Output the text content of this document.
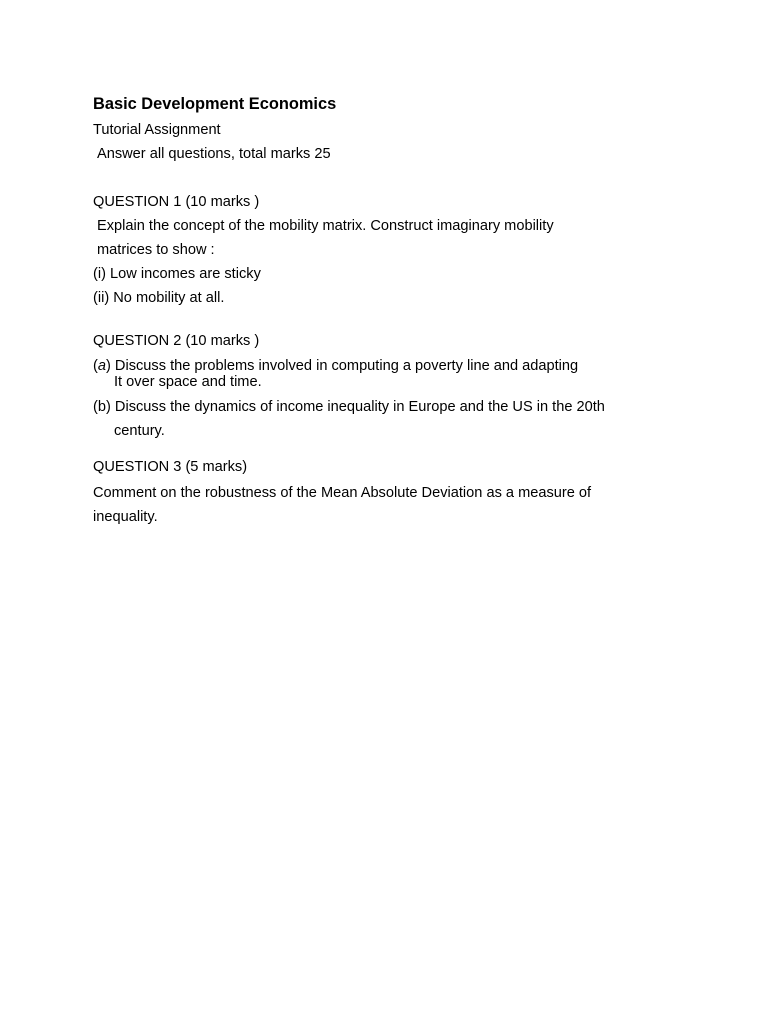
Basic Development Economics

Tutorial Assignment

Answer all questions, total marks 25

QUESTION 1 (10 marks )

Explain the concept of the mobility matrix. Construct imaginary mobility

matrices to show :

(i) Low incomes are sticky

(ii) No mobility at all.

QUESTION 2 (10 marks )

(a) Discuss the problems involved in computing a poverty line and adapting

It over space and time.

(b) Discuss the dynamics of income inequality in Europe and the US in the 20th

century.

QUESTION 3 (5 marks)

Comment on the robustness of the Mean Absolute Deviation as a measure of

inequality.
